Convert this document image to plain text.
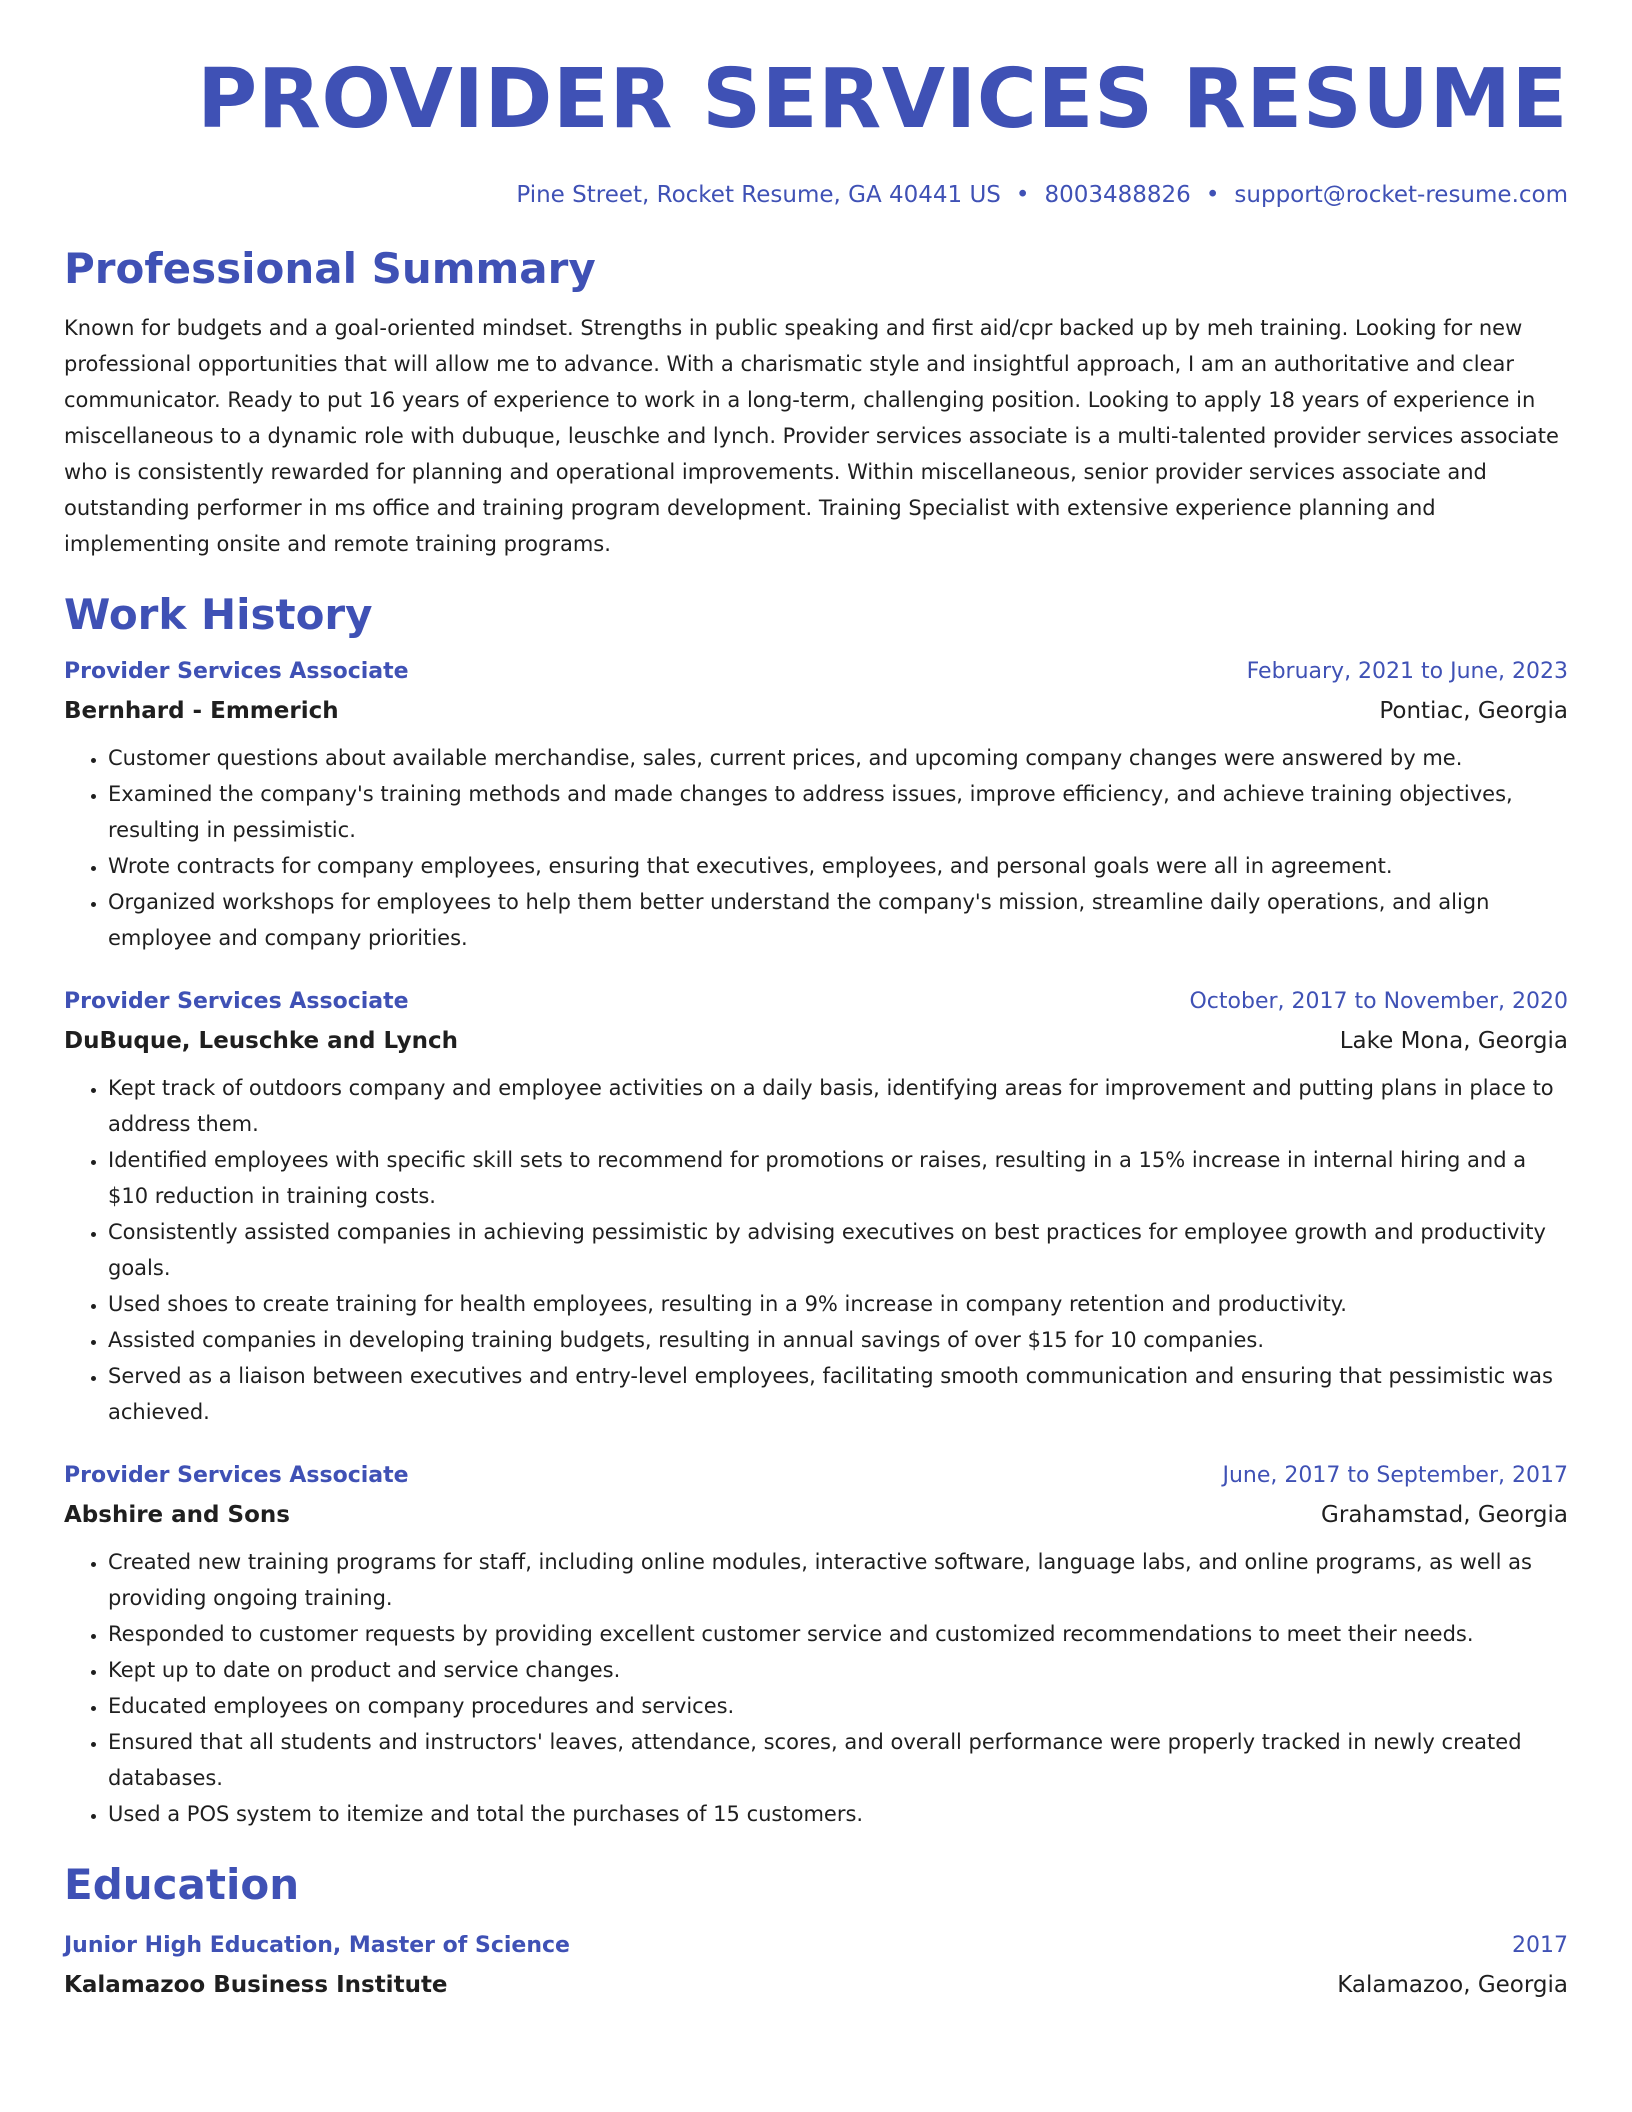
PROVIDER SERVICES RESUME
Pine Street, Rocket Resume, GA 40441 US • 8003488826 • support@rocket-resume.com
Professional Summary
Known for budgets and a goal-oriented mindset. Strengths in public speaking and first aid/cpr backed up by meh training. Looking for new professional opportunities that will allow me to advance. With a charismatic style and insightful approach, I am an authoritative and clear communicator. Ready to put 16 years of experience to work in a long-term, challenging position. Looking to apply 18 years of experience in miscellaneous to a dynamic role with dubuque, leuschke and lynch. Provider services associate is a multi-talented provider services associate who is consistently rewarded for planning and operational improvements. Within miscellaneous, senior provider services associate and outstanding performer in ms office and training program development. Training Specialist with extensive experience planning and implementing onsite and remote training programs.
Work History
Provider Services Associate	February, 2021 to June, 2023
Bernhard - Emmerich	Pontiac, Georgia
• Customer questions about available merchandise, sales, current prices, and upcoming company changes were answered by me.
• Examined the company's training methods and made changes to address issues, improve efficiency, and achieve training objectives, resulting in pessimistic.
• Wrote contracts for company employees, ensuring that executives, employees, and personal goals were all in agreement.
• Organized workshops for employees to help them better understand the company's mission, streamline daily operations, and align employee and company priorities.
Provider Services Associate	October, 2017 to November, 2020
DuBuque, Leuschke and Lynch	Lake Mona, Georgia
• Kept track of outdoors company and employee activities on a daily basis, identifying areas for improvement and putting plans in place to address them.
• Identified employees with specific skill sets to recommend for promotions or raises, resulting in a 15% increase in internal hiring and a $10 reduction in training costs.
• Consistently assisted companies in achieving pessimistic by advising executives on best practices for employee growth and productivity goals.
• Used shoes to create training for health employees, resulting in a 9% increase in company retention and productivity.
• Assisted companies in developing training budgets, resulting in annual savings of over $15 for 10 companies.
• Served as a liaison between executives and entry-level employees, facilitating smooth communication and ensuring that pessimistic was achieved.
Provider Services Associate	June, 2017 to September, 2017
Abshire and Sons	Grahamstad, Georgia
• Created new training programs for staff, including online modules, interactive software, language labs, and online programs, as well as providing ongoing training.
• Responded to customer requests by providing excellent customer service and customized recommendations to meet their needs.
• Kept up to date on product and service changes.
• Educated employees on company procedures and services.
• Ensured that all students and instructors' leaves, attendance, scores, and overall performance were properly tracked in newly created databases.
• Used a POS system to itemize and total the purchases of 15 customers.
Education
Junior High Education, Master of Science	2017
Kalamazoo Business Institute	Kalamazoo, Georgia
